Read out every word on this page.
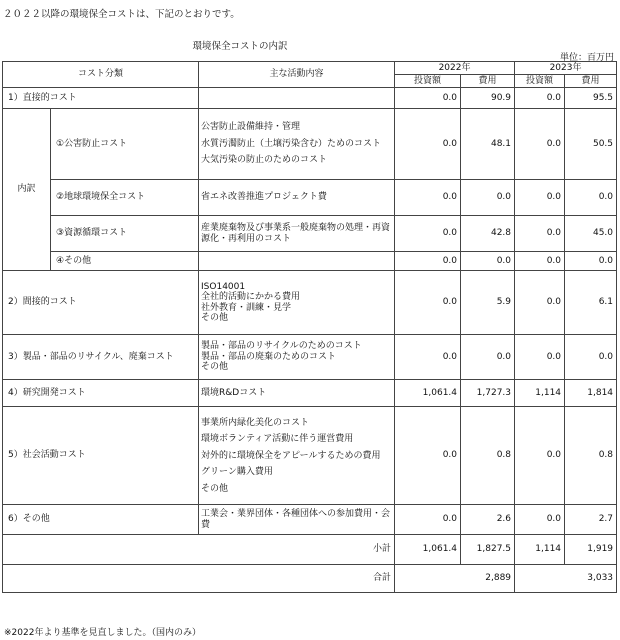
２０２２以降の環境保全コストは、下記のとおりです。
環境保全コストの内訳
単位：百万円
コスト分類		主な活動内容	2022年		2023年	
			投資額	費用	投資額	費用
1）直接的コスト			0.0	90.9	0.0	95.5
内訳	①公害防止コスト	公害防止設備維持・管理
水質汚濁防止（土壌汚染含む）ためのコスト
大気汚染の防止のためのコスト	0.0	48.1	0.0	50.5
	②地球環境保全コスト	省エネ改善推進プロジェクト費	0.0	0.0	0.0	0.0
	③資源循環コスト	産業廃棄物及び事業系一般廃棄物の処理・再資源化・再利用のコスト	0.0	42.8	0.0	45.0
	④その他		0.0	0.0	0.0	0.0
2）間接的コスト		ISO14001
全社的活動にかかる費用
社外教育・訓練・見学
その他	0.0	5.9	0.0	6.1
3）製品・部品のリサイクル、廃棄コスト		製品・部品のリサイクルのためのコスト
製品・部品の廃棄のためのコスト
その他	0.0	0.0	0.0	0.0
4）研究開発コスト		環境R&Dコスト	1,061.4	1,727.3	1,114	1,814
5）社会活動コスト		事業所内緑化美化のコスト
環境ボランティア活動に伴う運営費用
対外的に環境保全をアピールするための費用
グリーン購入費用
その他	0.0	0.8	0.0	0.8
6）その他		工業会・業界団体・各種団体への参加費用・会費	0.0	2.6	0.0	2.7
小計			1,061.4	1,827.5	1,114	1,919
合計			2,889		3,033	
※2022年より基準を見直しました。（国内のみ）
